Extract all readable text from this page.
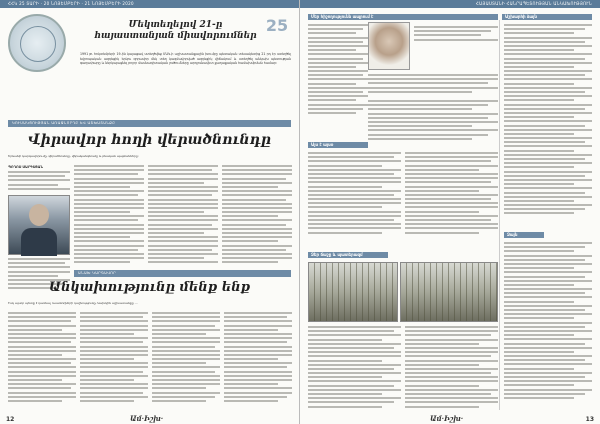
ՀՀԿ 25 ՏԱՐԻ · 20 ՆՈՅԵՄԲԵՐԻ · 21 ՆՈՅԵՄԲԵՐԻ 2020
Մեկտեղելով 21-ը հայաստանյան միավորումներ
25
1991 թ. հոկտեմբերի 19-ին կայացավ ստեղծվեց ՄԱԿ-ի աշխատանքային խումբը պետական տեսակետից 21 րդ էր ստեղծել եվրոպական ազդեցիկ երկու զորավոր մեկ տեղ կազմավորված ազդեցիկ վիճակում և ստեղծել անկախ պետության գաղափարը և ներկայացնել բոլոր մասնագիտական լուծումները արդյունավետ քաղաքական համախմբման համար:
ԿՈՒՍԱԿՑՈՒԹՅԱՆ ԱՌԱՋՆՈՐԴԸ ԵՎ ԱՇԽԱՏԱՆՔԸ
Վիրավոր հողի վերածնունդը
Երևանի կարգավորումը, վերածնունդը, վերականգնումը և բնական պայմանները:
ՊՈՂՈՍ ՍԱՐԳՍՅԱՆ
ԱՆԱԽ ԿԱՐԳԱՎՈՐ
Անկախությունը մենք ենք
Իսկ այսօր պետք է դառնալ ուսանողների դաշնությունը, նախկին աշխատանքը ...
12	Ամ·Իշխ·
ՀԱՅԱՍՏԱՆԻ ՀԱՆՐԱՊԵՏՈՒԹՅԱՆ ԱՆԿԱԽՈՒԹՅՈՒՆ
Մեր հիշողությունն ապրում է	Աշխարհի ձայն
Այս է այսօ
Ձեր ճաշը և պատերազմ
Ձայն
Ամ·Իշխ·	13
